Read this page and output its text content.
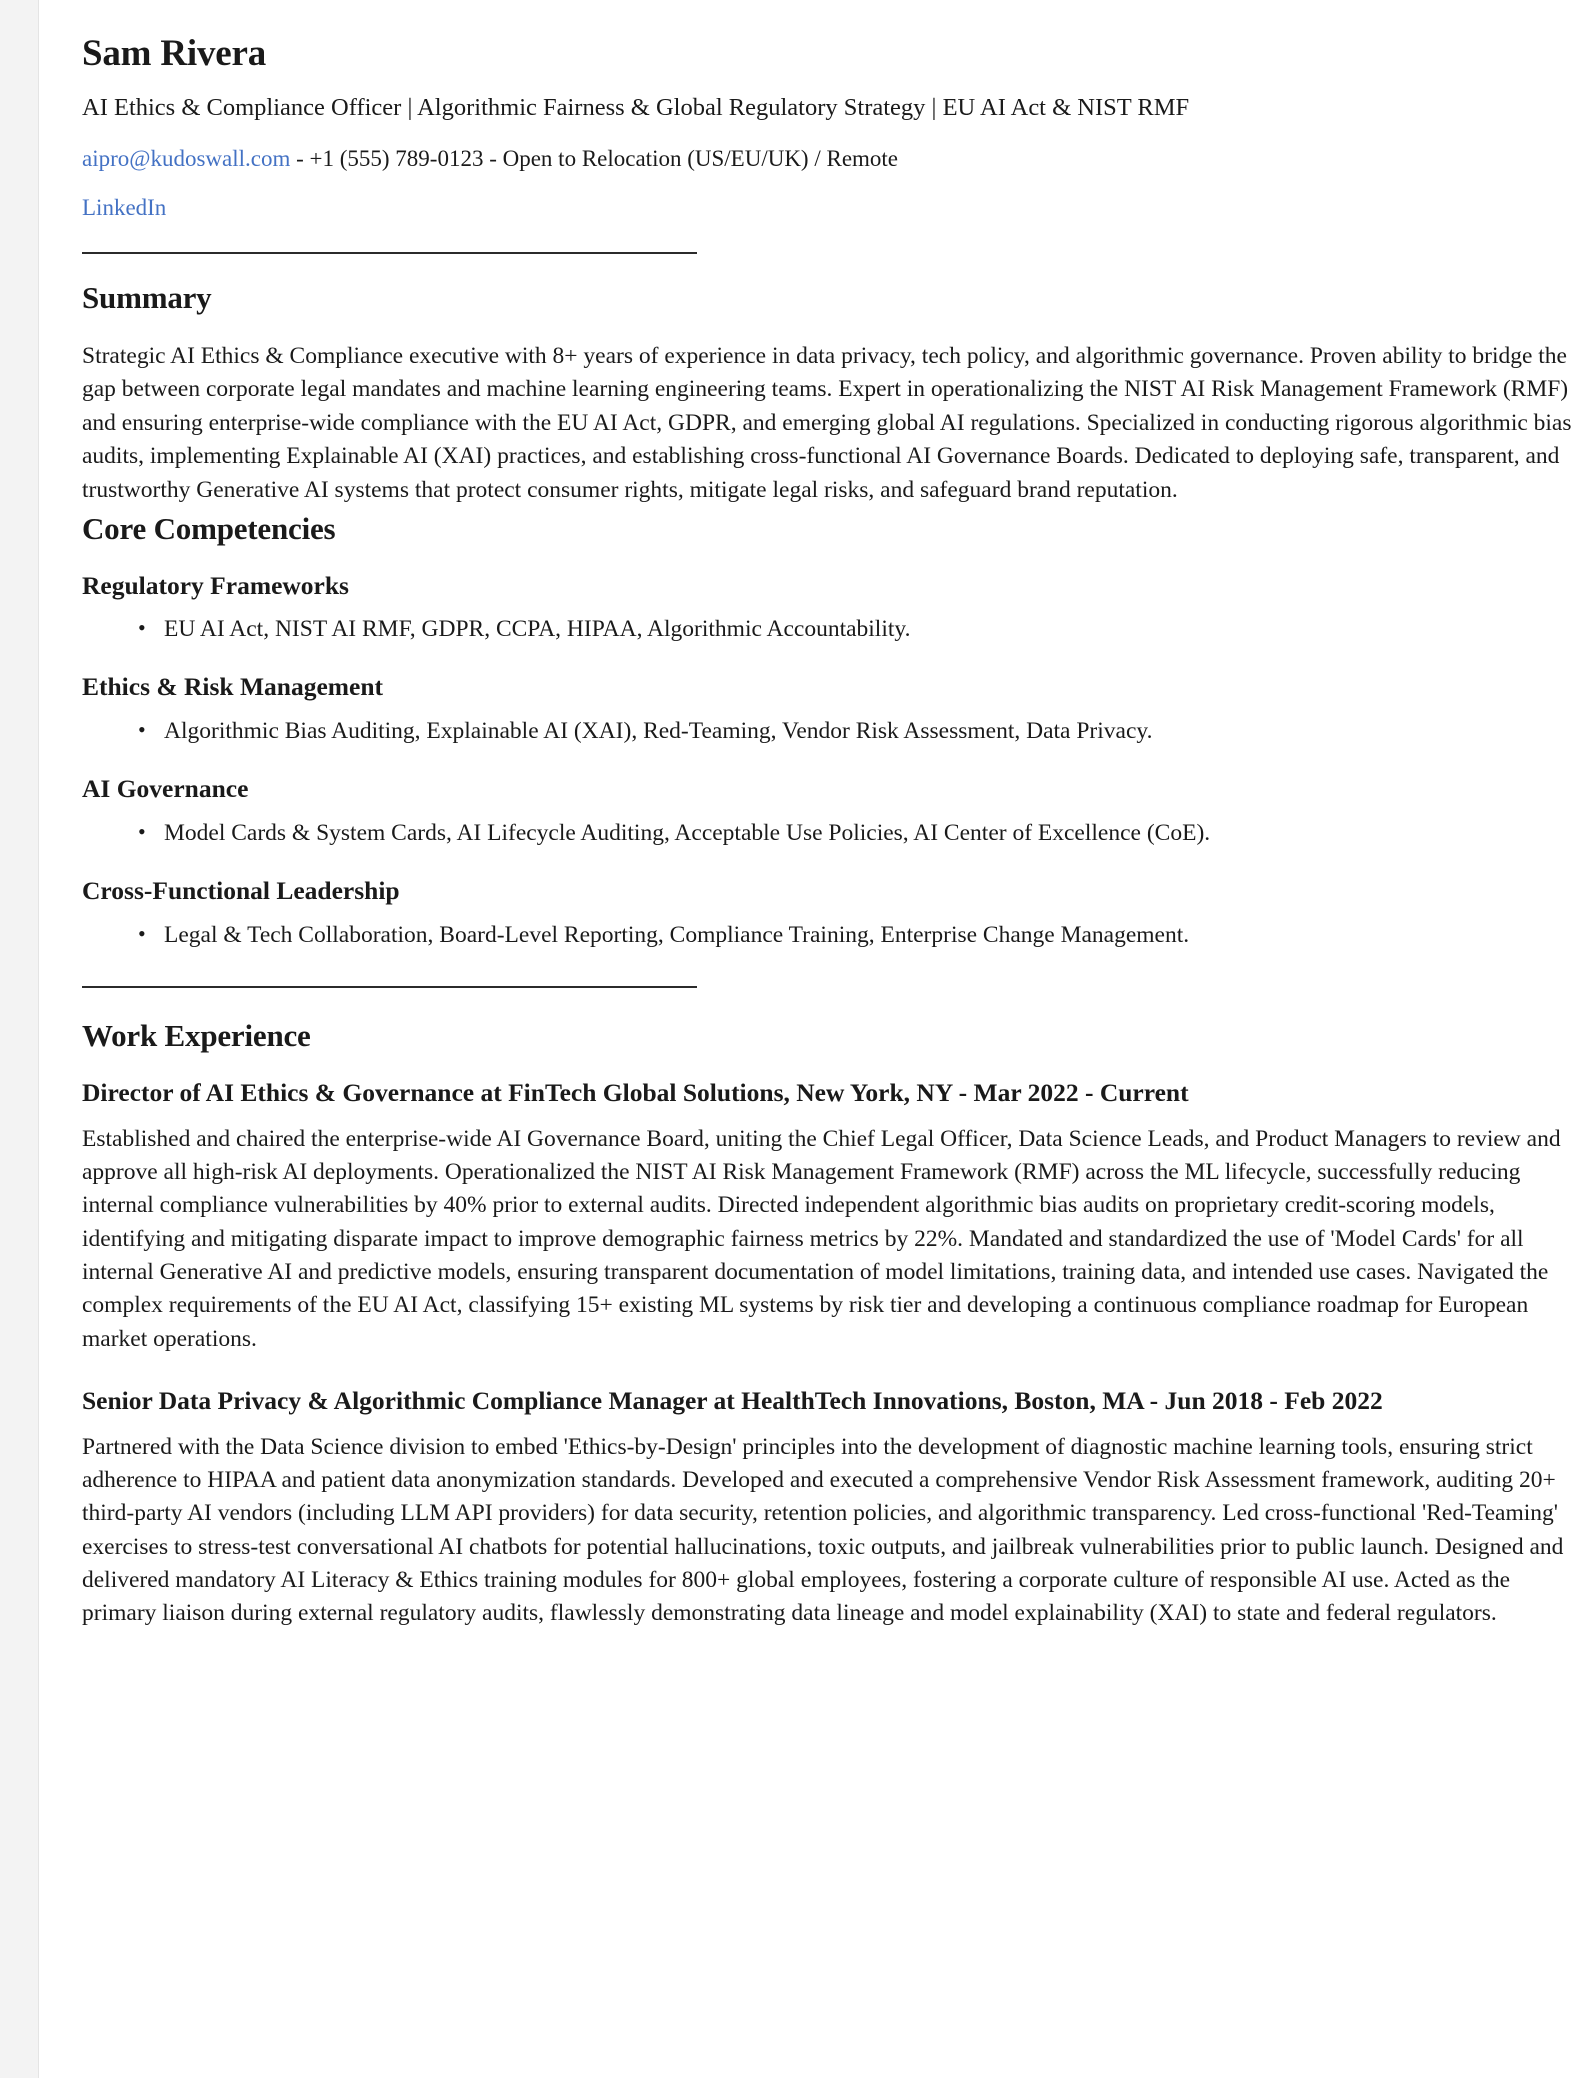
Sam Rivera
AI Ethics & Compliance Officer | Algorithmic Fairness & Global Regulatory Strategy | EU AI Act & NIST RMF
aipro@kudoswall.com - +1 (555) 789-0123 - Open to Relocation (US/EU/UK) / Remote
LinkedIn
Summary

Strategic AI Ethics & Compliance executive with 8+ years of experience in data privacy, tech policy, and algorithmic governance. Proven ability to bridge the gap between corporate legal mandates and machine learning engineering teams. Expert in operationalizing the NIST AI Risk Management Framework (RMF) and ensuring enterprise-wide compliance with the EU AI Act, GDPR, and emerging global AI regulations. Specialized in conducting rigorous algorithmic bias audits, implementing Explainable AI (XAI) practices, and establishing cross-functional AI Governance Boards. Dedicated to deploying safe, transparent, and trustworthy Generative AI systems that protect consumer rights, mitigate legal risks, and safeguard brand reputation.

Core Competencies
Regulatory Frameworks
• EU AI Act, NIST AI RMF, GDPR, CCPA, HIPAA, Algorithmic Accountability.
Ethics & Risk Management
• Algorithmic Bias Auditing, Explainable AI (XAI), Red-Teaming, Vendor Risk Assessment, Data Privacy.
AI Governance
• Model Cards & System Cards, AI Lifecycle Auditing, Acceptable Use Policies, AI Center of Excellence (CoE).
Cross-Functional Leadership
• Legal & Tech Collaboration, Board-Level Reporting, Compliance Training, Enterprise Change Management.
Work Experience
Director of AI Ethics & Governance at FinTech Global Solutions, New York, NY - Mar 2022 - Current

Established and chaired the enterprise-wide AI Governance Board, uniting the Chief Legal Officer, Data Science Leads, and Product Managers to review and approve all high-risk AI deployments. Operationalized the NIST AI Risk Management Framework (RMF) across the ML lifecycle, successfully reducing internal compliance vulnerabilities by 40% prior to external audits. Directed independent algorithmic bias audits on proprietary credit-scoring models, identifying and mitigating disparate impact to improve demographic fairness metrics by 22%. Mandated and standardized the use of 'Model Cards' for all internal Generative AI and predictive models, ensuring transparent documentation of model limitations, training data, and intended use cases. Navigated the complex requirements of the EU AI Act, classifying 15+ existing ML systems by risk tier and developing a continuous compliance roadmap for European market operations.

Senior Data Privacy & Algorithmic Compliance Manager at HealthTech Innovations, Boston, MA - Jun 2018 - Feb 2022

Partnered with the Data Science division to embed 'Ethics-by-Design' principles into the development of diagnostic machine learning tools, ensuring strict adherence to HIPAA and patient data anonymization standards. Developed and executed a comprehensive Vendor Risk Assessment framework, auditing 20+ third-party AI vendors (including LLM API providers) for data security, retention policies, and algorithmic transparency. Led cross-functional 'Red-Teaming' exercises to stress-test conversational AI chatbots for potential hallucinations, toxic outputs, and jailbreak vulnerabilities prior to public launch. Designed and delivered mandatory AI Literacy & Ethics training modules for 800+ global employees, fostering a corporate culture of responsible AI use. Acted as the primary liaison during external regulatory audits, flawlessly demonstrating data lineage and model explainability (XAI) to state and federal regulators.
